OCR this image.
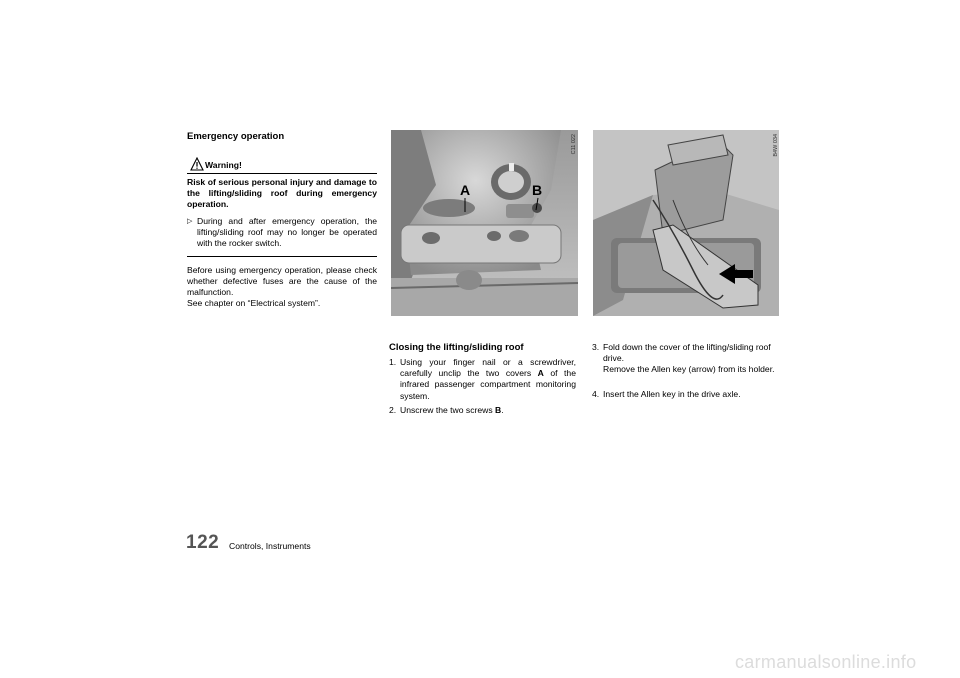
Emergency operation
Warning!
Risk of serious personal injury and damage to the lifting/sliding roof during emergency operation.
▷ During and after emergency operation, the lifting/sliding roof may no longer be operated with the rocker switch.
Before using emergency operation, please check whether defective fuses are the cause of the malfunction.
See chapter on “Electrical system”.
A	B
C11 022	B4W 034
Closing the lifting/sliding roof
1. Using your finger nail or a screwdriver, carefully unclip the two covers A of the infrared passenger compartment monitoring system.
2. Unscrew the two screws B.
3. Fold down the cover of the lifting/sliding roof drive.
Remove the Allen key (arrow) from its holder.
4. Insert the Allen key in the drive axle.
122 Controls, Instruments
carmanualsonline.info
